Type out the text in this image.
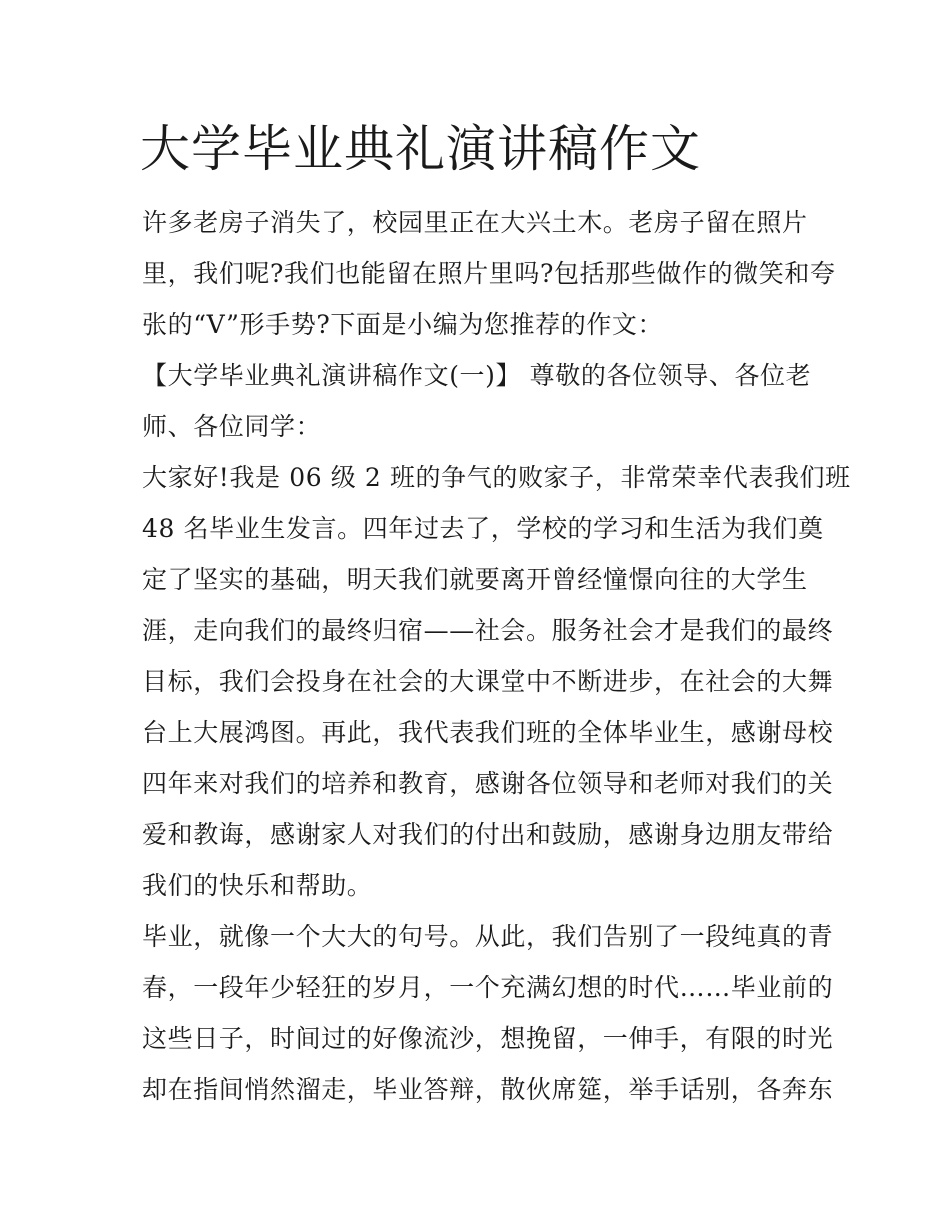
大学毕业典礼演讲稿作文

许多老房子消失了，校园里正在大兴土木。老房子留在照片

里，我们呢?我们也能留在照片里吗?包括那些做作的微笑和夸

张的“V”形手势?下面是小编为您推荐的作文：

【大学毕业典礼演讲稿作文(一)】 尊敬的各位领导、各位老

师、各位同学：

大家好!我是 06 级 2 班的争气的败家子，非常荣幸代表我们班

48 名毕业生发言。四年过去了，学校的学习和生活为我们奠

定了坚实的基础，明天我们就要离开曾经憧憬向往的大学生

涯，走向我们的最终归宿——社会。服务社会才是我们的最终

目标，我们会投身在社会的大课堂中不断进步，在社会的大舞

台上大展鸿图。再此，我代表我们班的全体毕业生，感谢母校

四年来对我们的培养和教育，感谢各位领导和老师对我们的关

爱和教诲，感谢家人对我们的付出和鼓励，感谢身边朋友带给

我们的快乐和帮助。

毕业，就像一个大大的句号。从此，我们告别了一段纯真的青

春，一段年少轻狂的岁月，一个充满幻想的时代……毕业前的

这些日子，时间过的好像流沙，想挽留，一伸手，有限的时光

却在指间悄然溜走，毕业答辩，散伙席筵，举手话别，各奔东
